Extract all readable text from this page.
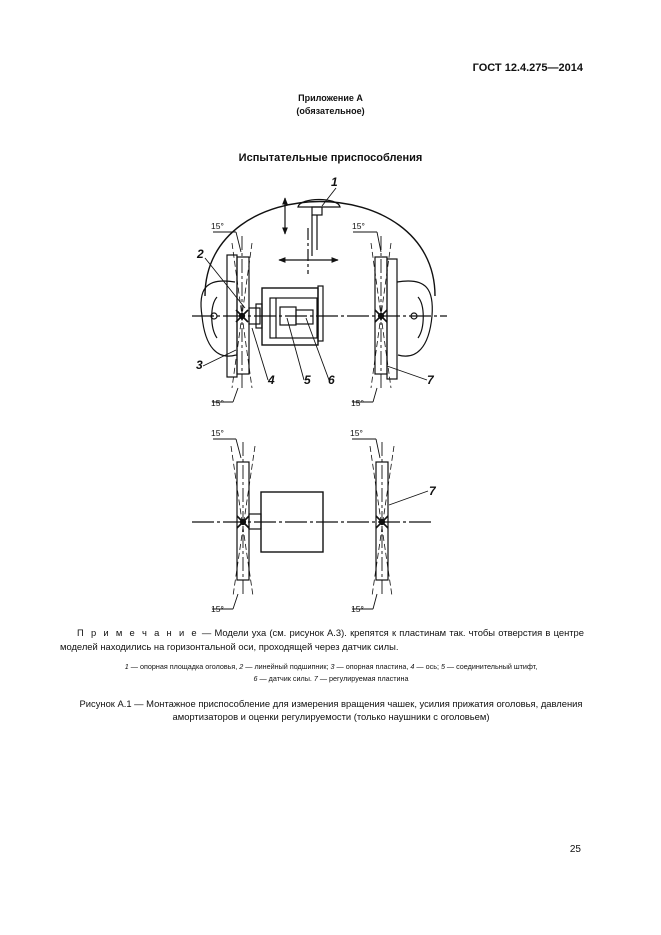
ГОСТ 12.4.275—2014
Приложение А
(обязательное)
Испытательные приспособления
15°	15°
15°	15°
15°	15°
15°	15°
1
2
3
4 5 6	7
7
П р и м е ч а н и е — Модели уха (см. рисунок А.3). крепятся к пластинам так. чтобы отверстия в центре моделей находились на горизонтальной оси, проходящей через датчик силы.
1 — опорная площадка оголовья, 2 — линейный подшипник; 3 — опорная пластина, 4 — ось; 5 — соединительный штифт,
6 — датчик силы. 7 — регулируемая пластина
Рисунок А.1 — Монтажное приспособление для измерения вращения чашек, усилия прижатия оголовья, давления амортизаторов и оценки регулируемости (только наушники с оголовьем)
25
